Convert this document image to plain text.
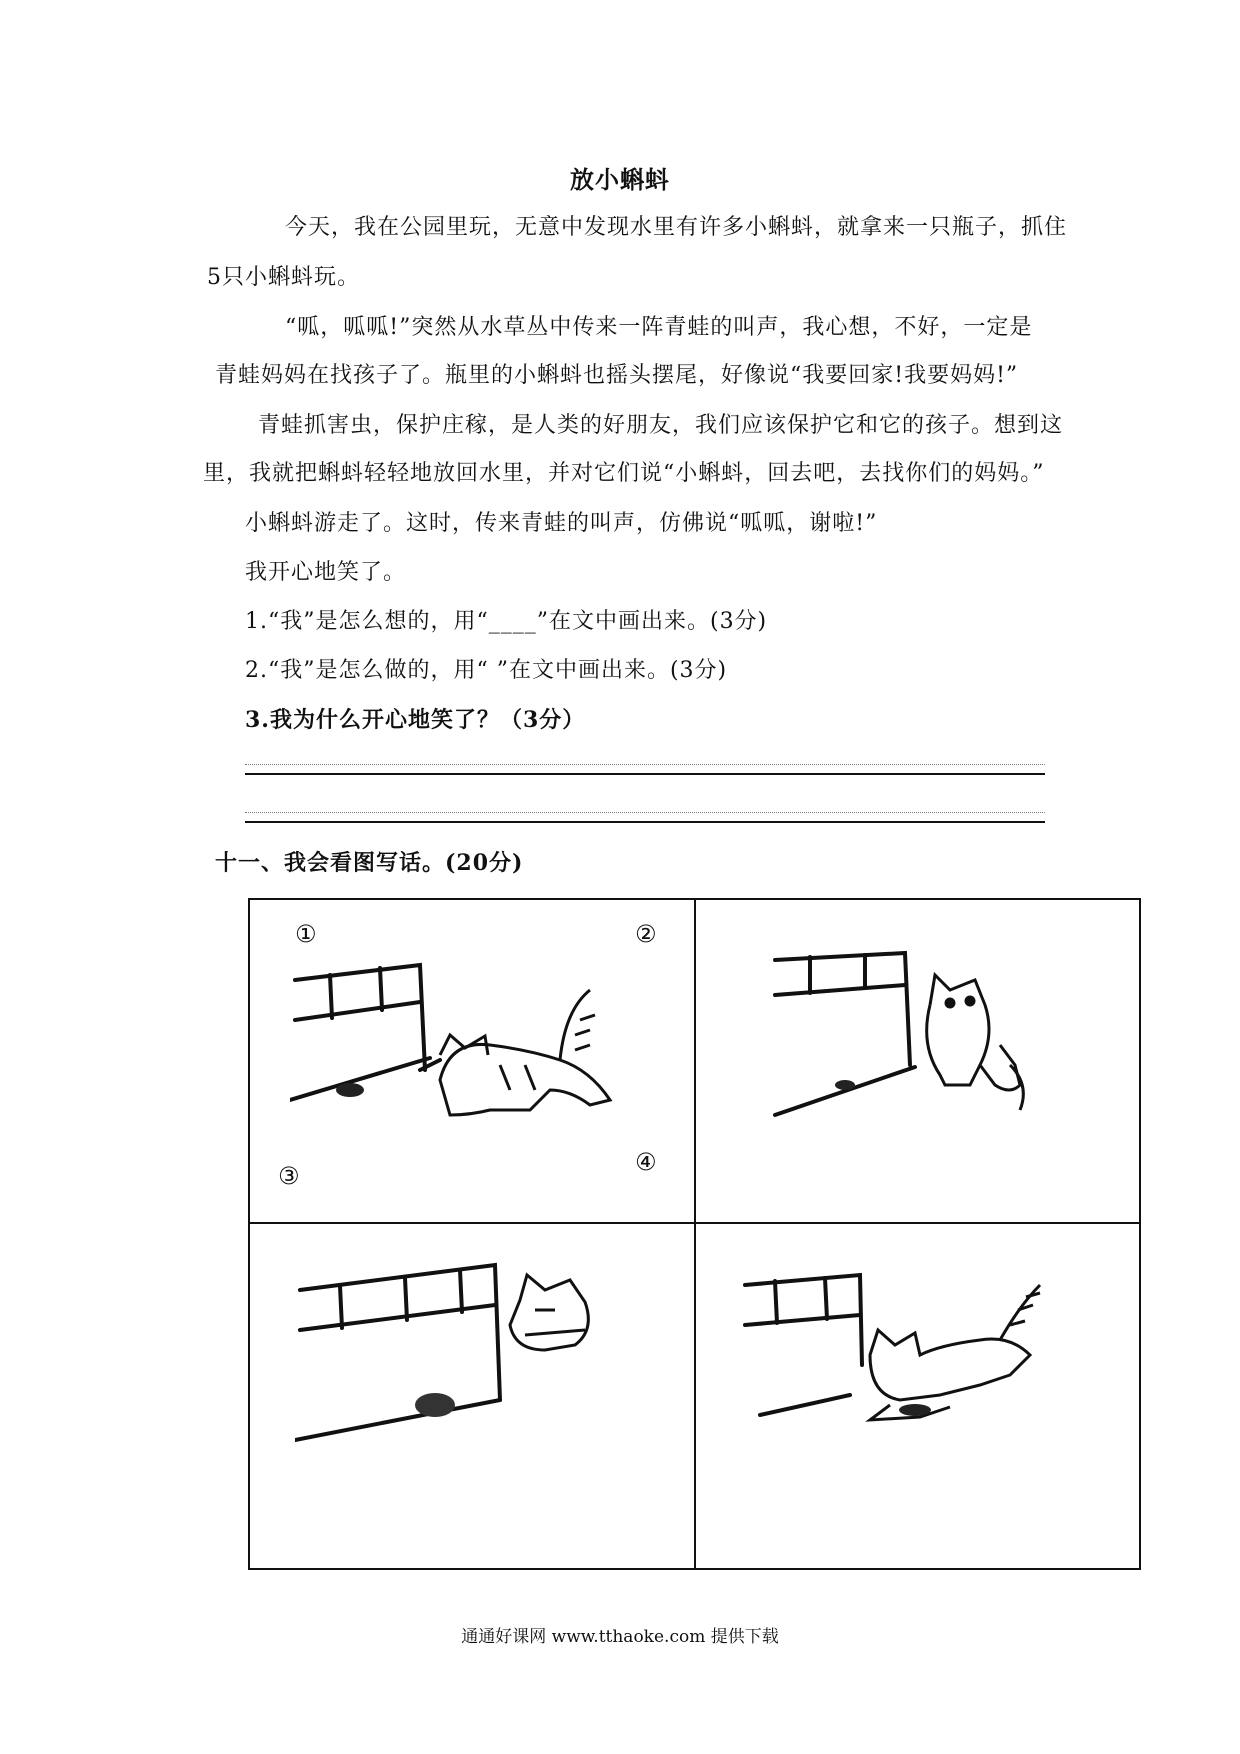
放小蝌蚪
今天，我在公园里玩，无意中发现水里有许多小蝌蚪，就拿来一只瓶子，抓住
5只小蝌蚪玩。
“呱，呱呱!”突然从水草丛中传来一阵青蛙的叫声，我心想，不好，一定是
青蛙妈妈在找孩子了。瓶里的小蝌蚪也摇头摆尾，好像说“我要回家!我要妈妈!”
青蛙抓害虫，保护庄稼，是人类的好朋友，我们应该保护它和它的孩子。想到这
里，我就把蝌蚪轻轻地放回水里，并对它们说“小蝌蚪，回去吧，去找你们的妈妈。”
小蝌蚪游走了。这时，传来青蛙的叫声，仿佛说“呱呱，谢啦!”
我开心地笑了。
1.“我”是怎么想的，用“____”在文中画出来。(3分)
2.“我”是怎么做的，用“ ”在文中画出来。(3分)
3.我为什么开心地笑了？（3分）
十一、我会看图写话。(20分)
①	②
③	④
通通好课网 www.tthaoke.com 提供下载
